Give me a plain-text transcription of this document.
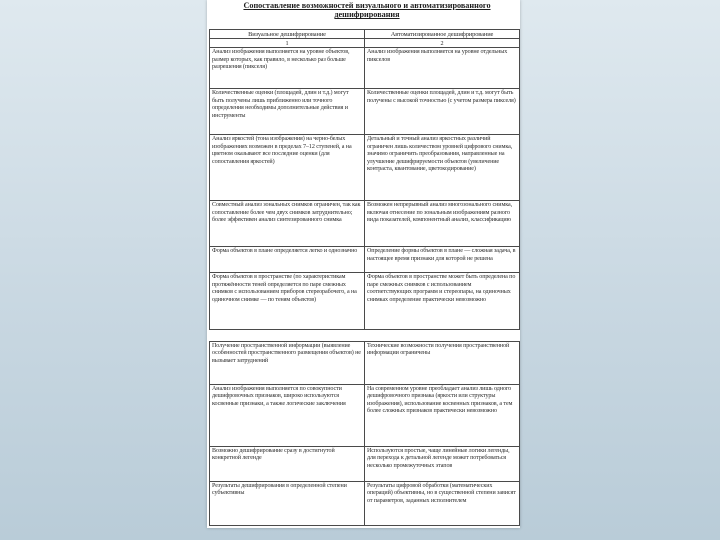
Сопоставление возможностей визуального и автоматизированного дешифрирования
Визуальное дешифрирование	Автоматизированное дешифрирование
1	2
Анализ изображения выполняется на уровне объектов, размер которых, как правило, в несколько раз больше разрешения (пикселя)	Анализ изображения выполняется на уровне отдельных пикселов
Количественные оценки (площадей, длин и т.д.) могут быть получены лишь приближенно или точного определения необходимы дополнительные действия и инструменты	Количественные оценки площадей, длин и т.д. могут быть получены с высокой точностью (с учетом размера пикселя)
Анализ яркостей (тона изображения) на черно-белых изображениях возможен в пределах 7–12 ступеней, а на цветном оказывают все последние оценки (для сопоставления яркостей)	Детальный и точный анализ яркостных различий ограничен лишь количеством уровней цифрового снимка, значимо ограничить преобразования, направленные на улучшение дешифрируемости объектов (увеличение контраста, квантование, цветокодирование)
Совместный анализ зональных снимков ограничен, так как сопоставление более чем двух снимков затруднительно; более эффективен анализ синтезированного снимка	Возможен непрерывный анализ многозонального снимка, включая отнесение по зональным изображениям разного вида показателей, компонентный анализ, классификацию
Форма объектов в плане определяется легко и однозначно	Определение формы объектов в плане — сложная задача, в настоящее время признаки для которой не решена
Форма объектов в пространстве (по характеристикам протяжённости теней определяется по паре смежных снимков с использованием приборов стереорабочего, а на одиночном снимке — по теням объектов)	Форма объектов в пространстве может быть определена по паре смежных снимков с использованием соответствующих программ и стереопары, на одиночных снимках определение практически невозможно
Получение пространственной информации (выявление особенностей пространственного размещения объектов) не вызывает затруднений	Технические возможности получения пространственной информации ограничены
Анализ изображения выполняется по совокупности дешифровочных признаков, широко используются косвенные признаки, а также логические заключения	На современном уровне преобладает анализ лишь одного дешифровочного признака (яркости или структуры изображения), использование косвенных признаков, а тем более сложных признаков практически невозможно
Возможно дешифрирование сразу в достигнутой конкретной легенде	Используются простые, чаще линейные логики легенды, для перехода к детальной легенде может потребоваться несколько промежуточных этапов
Результаты дешифрирования в определенной степени субъективны	Результаты цифровой обработки (математических операций) объективны, но в существенной степени зависят от параметров, заданных исполнителем
